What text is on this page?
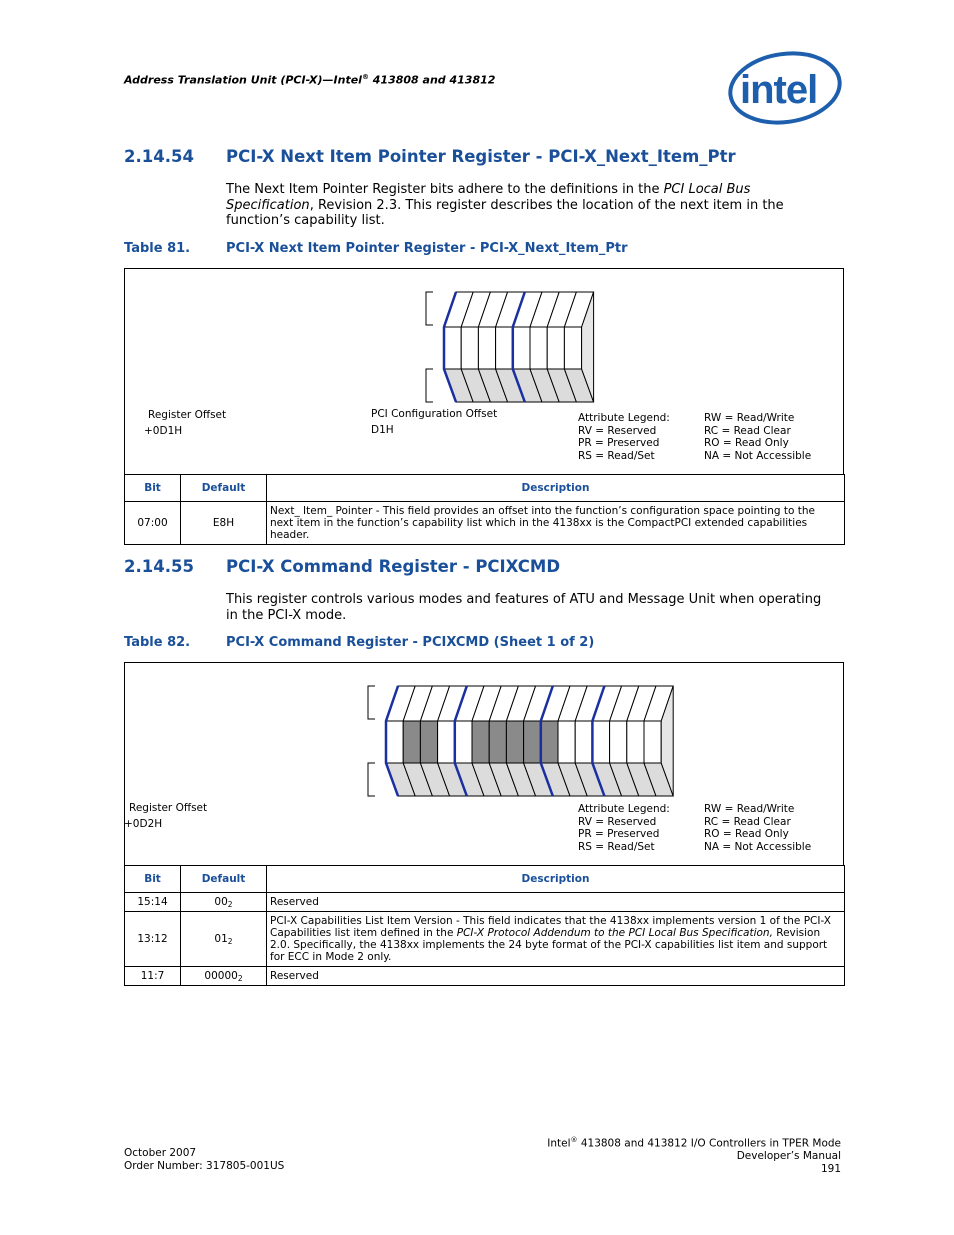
Address Translation Unit (PCI-X)—Intel® 413808 and 413812	intel
2.14.54 PCI-X Next Item Pointer Register - PCI-X_Next_Item_Ptr
The Next Item Pointer Register bits adhere to the definitions in the PCI Local Bus Specification, Revision 2.3. This register describes the location of the next item in the function’s capability list.
Table 81.	PCI-X Next Item Pointer Register - PCI-X_Next_Item_Ptr
Register Offset
+0D1H
PCI Configuration Offset
D1H
Attribute Legend:
RV = Reserved
PR = Preserved
RS = Read/Set
RW = Read/Write
RC = Read Clear
RO = Read Only
NA = Not Accessible
Bit	Default	Description
07:00	E8H	Next_ Item_ Pointer - This field provides an offset into the function’s configuration space pointing to the next item in the function’s capability list which in the 4138xx is the CompactPCI extended capabilities header.
2.14.55 PCI-X Command Register - PCIXCMD
This register controls various modes and features of ATU and Message Unit when operating in the PCI-X mode.
Table 82.	PCI-X Command Register - PCIXCMD (Sheet 1 of 2)
Register Offset
+0D2H
Attribute Legend:
RV = Reserved
PR = Preserved
RS = Read/Set
RW = Read/Write
RC = Read Clear
RO = Read Only
NA = Not Accessible
Bit	Default	Description
15:14	$00_2$	Reserved
13:12	$01_2$	PCI-X Capabilities List Item Version - This field indicates that the 4138xx implements version 1 of the PCI-X Capabilities list item defined in the PCI-X Protocol Addendum to the PCI Local Bus Specification, Revision 2.0. Specifically, the 4138xx implements the 24 byte format of the PCI-X capabilities list item and support for ECC in Mode 2 only.
11:7	$00000_2$	Reserved
October 2007
Order Number: 317805-001US
Intel® 413808 and 413812 I/O Controllers in TPER Mode
Developer’s Manual
191
